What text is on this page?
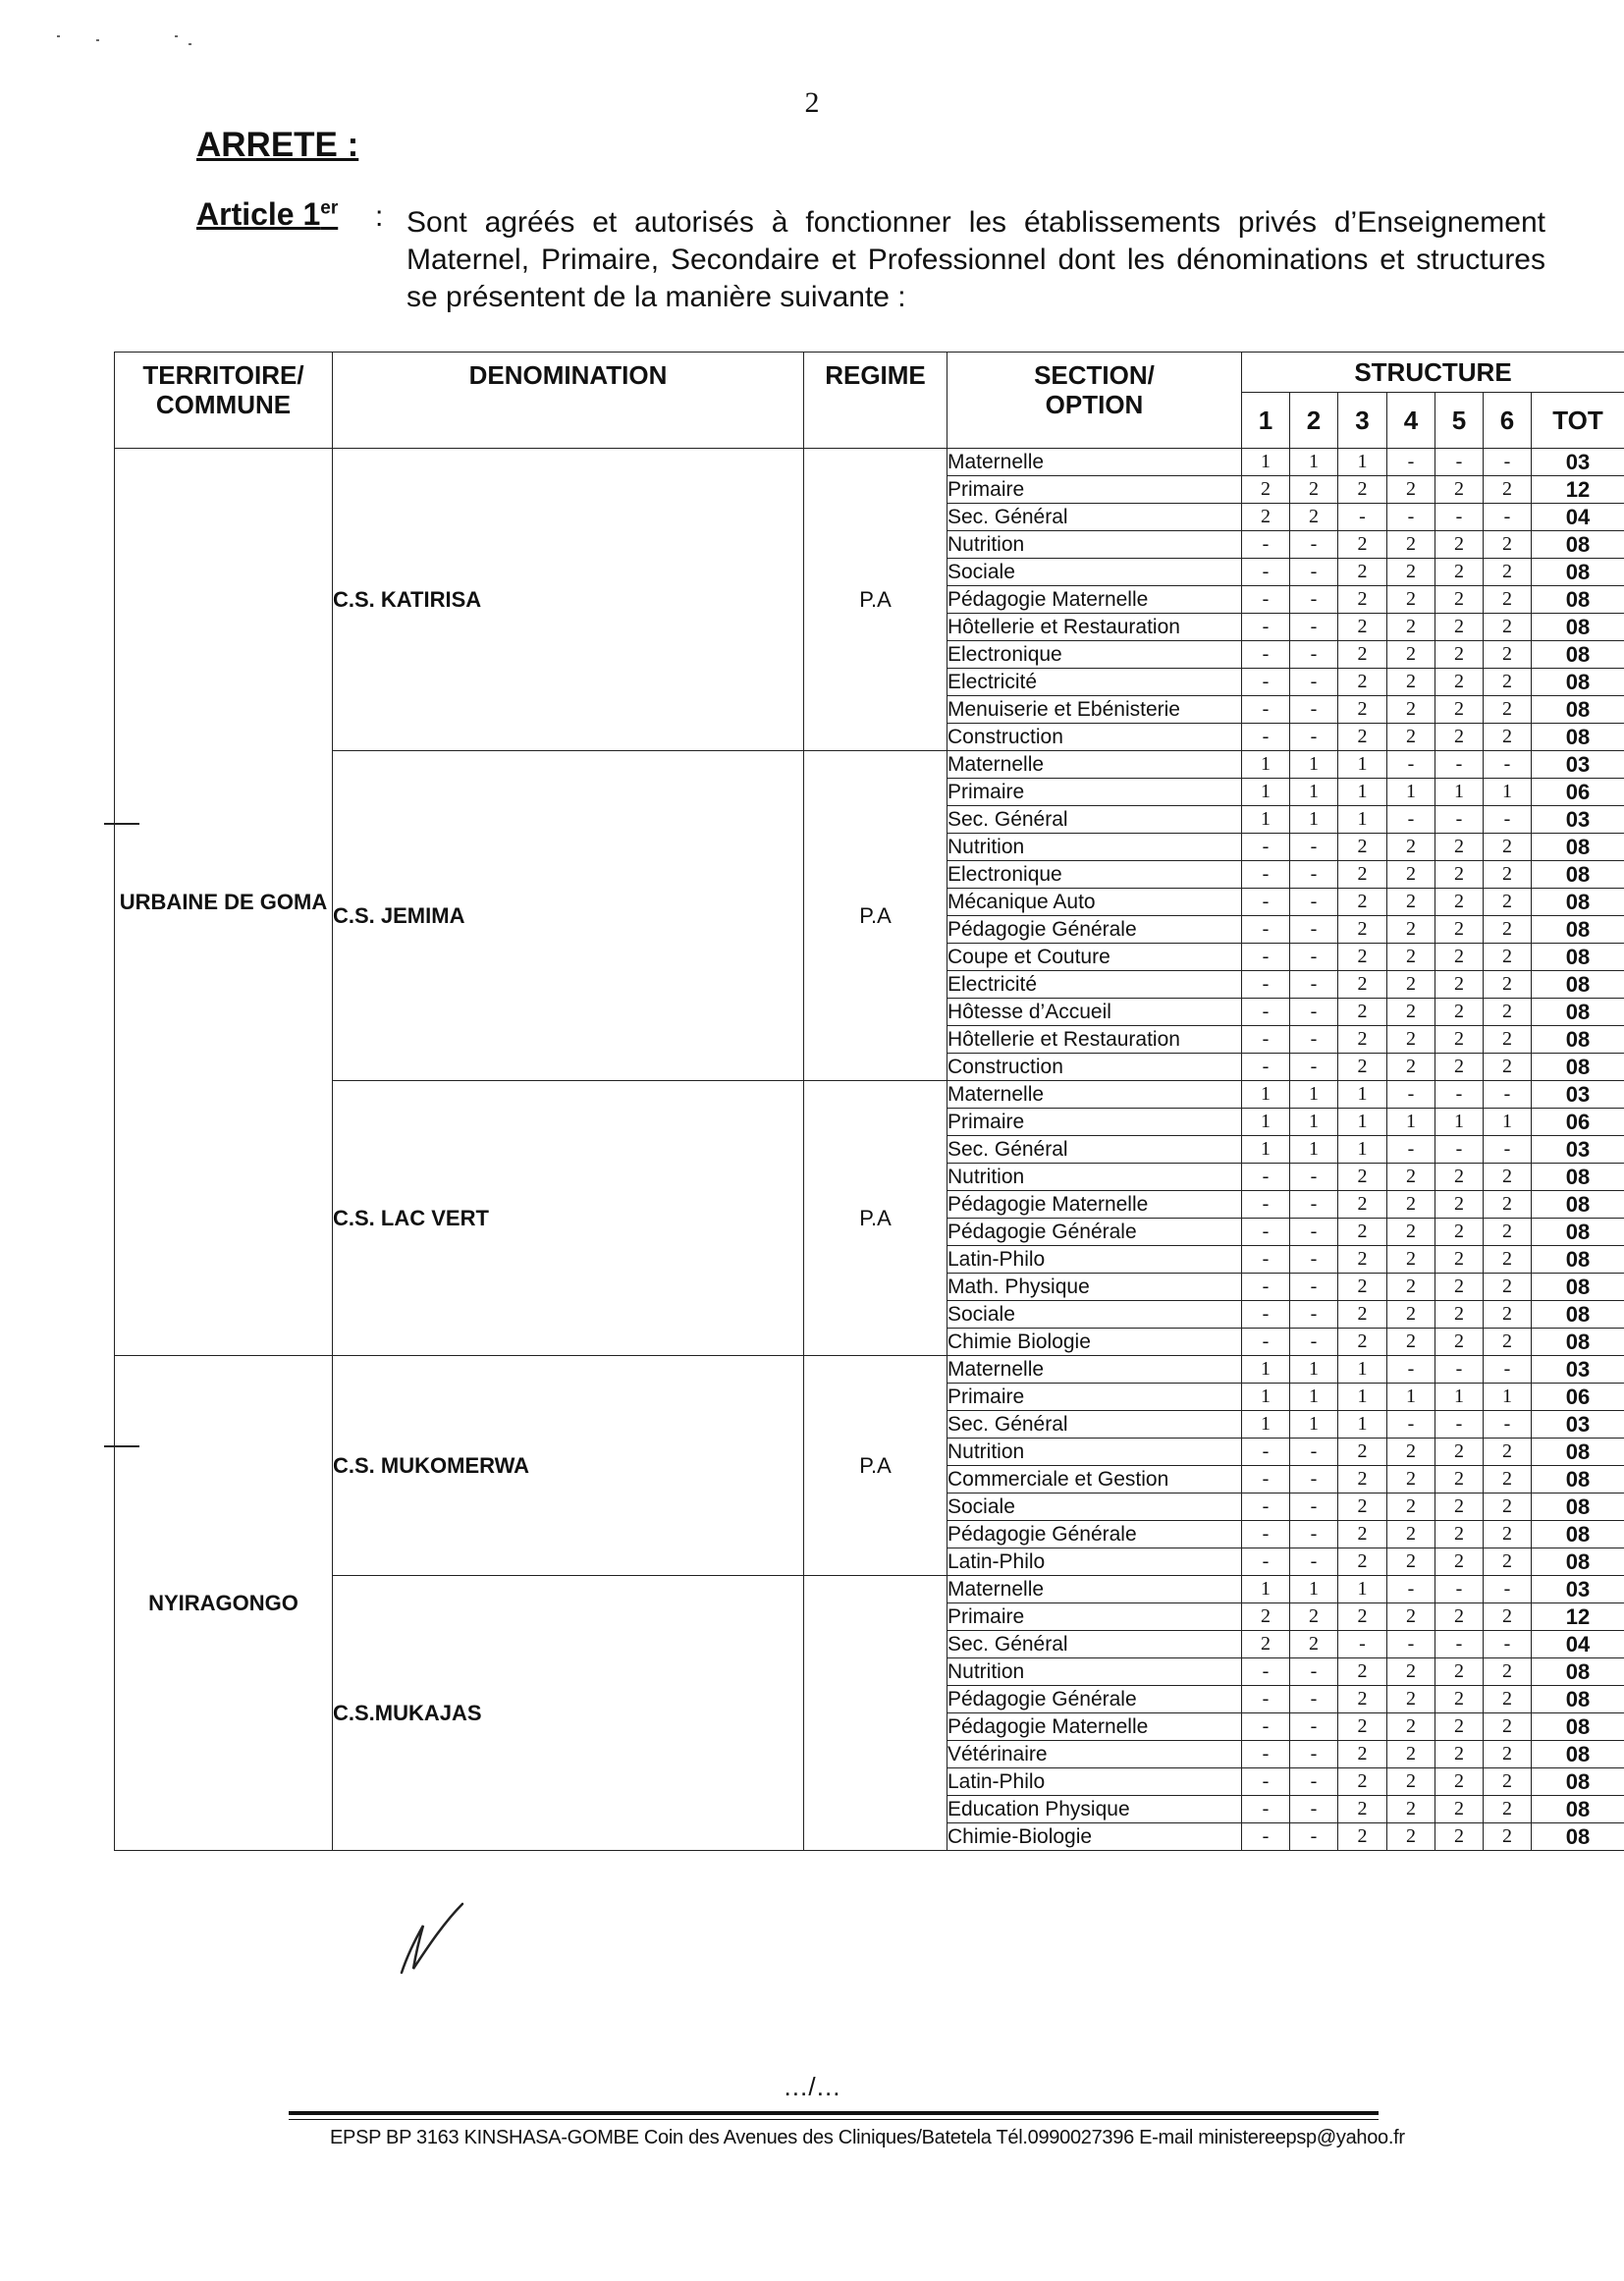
2
ARRETE :
Article 1er : Sont agréés et autorisés à fonctionner les établissements privés d’Enseignement Maternel, Primaire, Secondaire et Professionnel dont les dénominations et structures se présentent de la manière suivante :
TERRITOIRE/ COMMUNE	DENOMINATION	REGIME	SECTION/ OPTION	STRUCTURE						
				1	2	3	4	5	6	TOT
URBAINE DE GOMA	C.S. KATIRISA	P.A	Maternelle	1	1	1	-	-	-	03
			Primaire	2	2	2	2	2	2	12
			Sec. Général	2	2	-	-	-	-	04
			Nutrition	-	-	2	2	2	2	08
			Sociale	-	-	2	2	2	2	08
			Pédagogie Maternelle	-	-	2	2	2	2	08
			Hôtellerie et Restauration	-	-	2	2	2	2	08
			Electronique	-	-	2	2	2	2	08
			Electricité	-	-	2	2	2	2	08
			Menuiserie et Ebénisterie	-	-	2	2	2	2	08
			Construction	-	-	2	2	2	2	08
	C.S. JEMIMA	P.A	Maternelle	1	1	1	-	-	-	03
			Primaire	1	1	1	1	1	1	06
			Sec. Général	1	1	1	-	-	-	03
			Nutrition	-	-	2	2	2	2	08
			Electronique	-	-	2	2	2	2	08
			Mécanique Auto	-	-	2	2	2	2	08
			Pédagogie Générale	-	-	2	2	2	2	08
			Coupe et Couture	-	-	2	2	2	2	08
			Electricité	-	-	2	2	2	2	08
			Hôtesse d’Accueil	-	-	2	2	2	2	08
			Hôtellerie et Restauration	-	-	2	2	2	2	08
			Construction	-	-	2	2	2	2	08
	C.S. LAC VERT	P.A	Maternelle	1	1	1	-	-	-	03
			Primaire	1	1	1	1	1	1	06
			Sec. Général	1	1	1	-	-	-	03
			Nutrition	-	-	2	2	2	2	08
			Pédagogie Maternelle	-	-	2	2	2	2	08
			Pédagogie Générale	-	-	2	2	2	2	08
			Latin-Philo	-	-	2	2	2	2	08
			Math. Physique	-	-	2	2	2	2	08
			Sociale	-	-	2	2	2	2	08
			Chimie Biologie	-	-	2	2	2	2	08
NYIRAGONGO	C.S. MUKOMERWA	P.A	Maternelle	1	1	1	-	-	-	03
			Primaire	1	1	1	1	1	1	06
			Sec. Général	1	1	1	-	-	-	03
			Nutrition	-	-	2	2	2	2	08
			Commerciale et Gestion	-	-	2	2	2	2	08
			Sociale	-	-	2	2	2	2	08
			Pédagogie Générale	-	-	2	2	2	2	08
			Latin-Philo	-	-	2	2	2	2	08
	C.S.MUKAJAS		Maternelle	1	1	1	-	-	-	03
			Primaire	2	2	2	2	2	2	12
			Sec. Général	2	2	-	-	-	-	04
			Nutrition	-	-	2	2	2	2	08
			Pédagogie Générale	-	-	2	2	2	2	08
			Pédagogie Maternelle	-	-	2	2	2	2	08
			Vétérinaire	-	-	2	2	2	2	08
			Latin-Philo	-	-	2	2	2	2	08
			Education Physique	-	-	2	2	2	2	08
			Chimie-Biologie	-	-	2	2	2	2	08
…/…
EPSP BP 3163 KINSHASA-GOMBE Coin des Avenues des Cliniques/Batetela Tél.0990027396 E-mail ministereepsp@yahoo.fr
